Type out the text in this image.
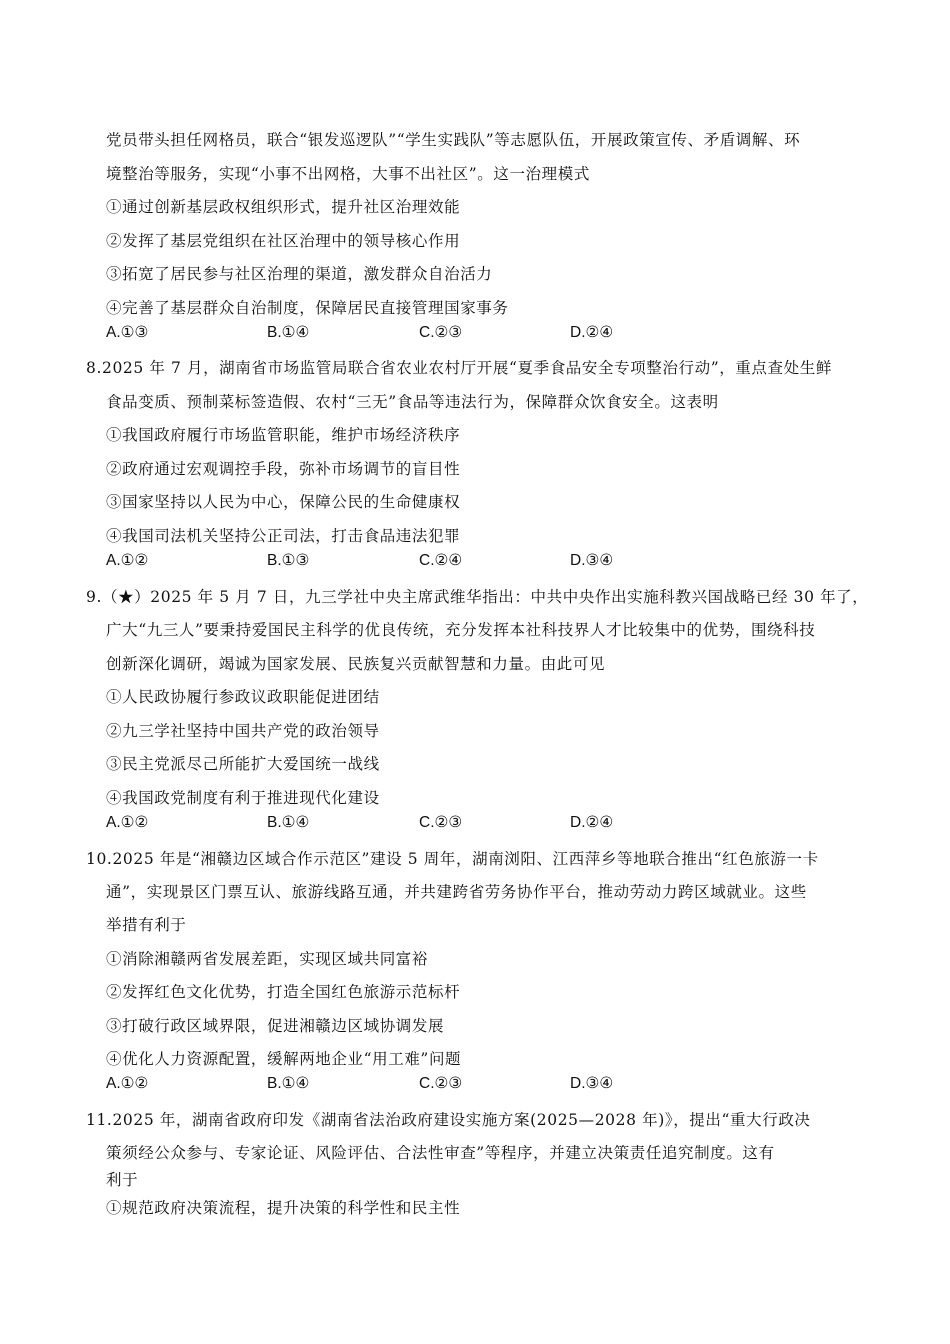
党员带头担任网格员，联合“银发巡逻队”“学生实践队”等志愿队伍，开展政策宣传、矛盾调解、环
境整治等服务，实现“小事不出网格，大事不出社区”。这一治理模式
①通过创新基层政权组织形式，提升社区治理效能
②发挥了基层党组织在社区治理中的领导核心作用
③拓宽了居民参与社区治理的渠道，激发群众自治活力
④完善了基层群众自治制度，保障居民直接管理国家事务
A.①③	B.①④	C.②③	D.②④
8.2025 年 7 月，湖南省市场监管局联合省农业农村厅开展“夏季食品安全专项整治行动”，重点查处生鲜
食品变质、预制菜标签造假、农村“三无”食品等违法行为，保障群众饮食安全。这表明
①我国政府履行市场监管职能，维护市场经济秩序
②政府通过宏观调控手段，弥补市场调节的盲目性
③国家坚持以人民为中心，保障公民的生命健康权
④我国司法机关坚持公正司法，打击食品违法犯罪
A.①②	B.①③	C.②④	D.③④
9.（★）2025 年 5 月 7 日，九三学社中央主席武维华指出：中共中央作出实施科教兴国战略已经 30 年了，
广大“九三人”要秉持爱国民主科学的优良传统，充分发挥本社科技界人才比较集中的优势，围绕科技
创新深化调研，竭诚为国家发展、民族复兴贡献智慧和力量。由此可见
①人民政协履行参政议政职能促进团结
②九三学社坚持中国共产党的政治领导
③民主党派尽己所能扩大爱国统一战线
④我国政党制度有利于推进现代化建设
A.①②	B.①④	C.②③	D.②④
10.2025 年是“湘赣边区域合作示范区”建设 5 周年，湖南浏阳、江西萍乡等地联合推出“红色旅游一卡
通”，实现景区门票互认、旅游线路互通，并共建跨省劳务协作平台，推动劳动力跨区域就业。这些
举措有利于
①消除湘赣两省发展差距，实现区域共同富裕
②发挥红色文化优势，打造全国红色旅游示范标杆
③打破行政区域界限，促进湘赣边区域协调发展
④优化人力资源配置，缓解两地企业“用工难”问题
A.①②	B.①④	C.②③	D.③④
11.2025 年，湖南省政府印发《湖南省法治政府建设实施方案(2025—2028 年)》，提出“重大行政决
策须经公众参与、专家论证、风险评估、合法性审查”等程序，并建立决策责任追究制度。这有
利于
①规范政府决策流程，提升决策的科学性和民主性
